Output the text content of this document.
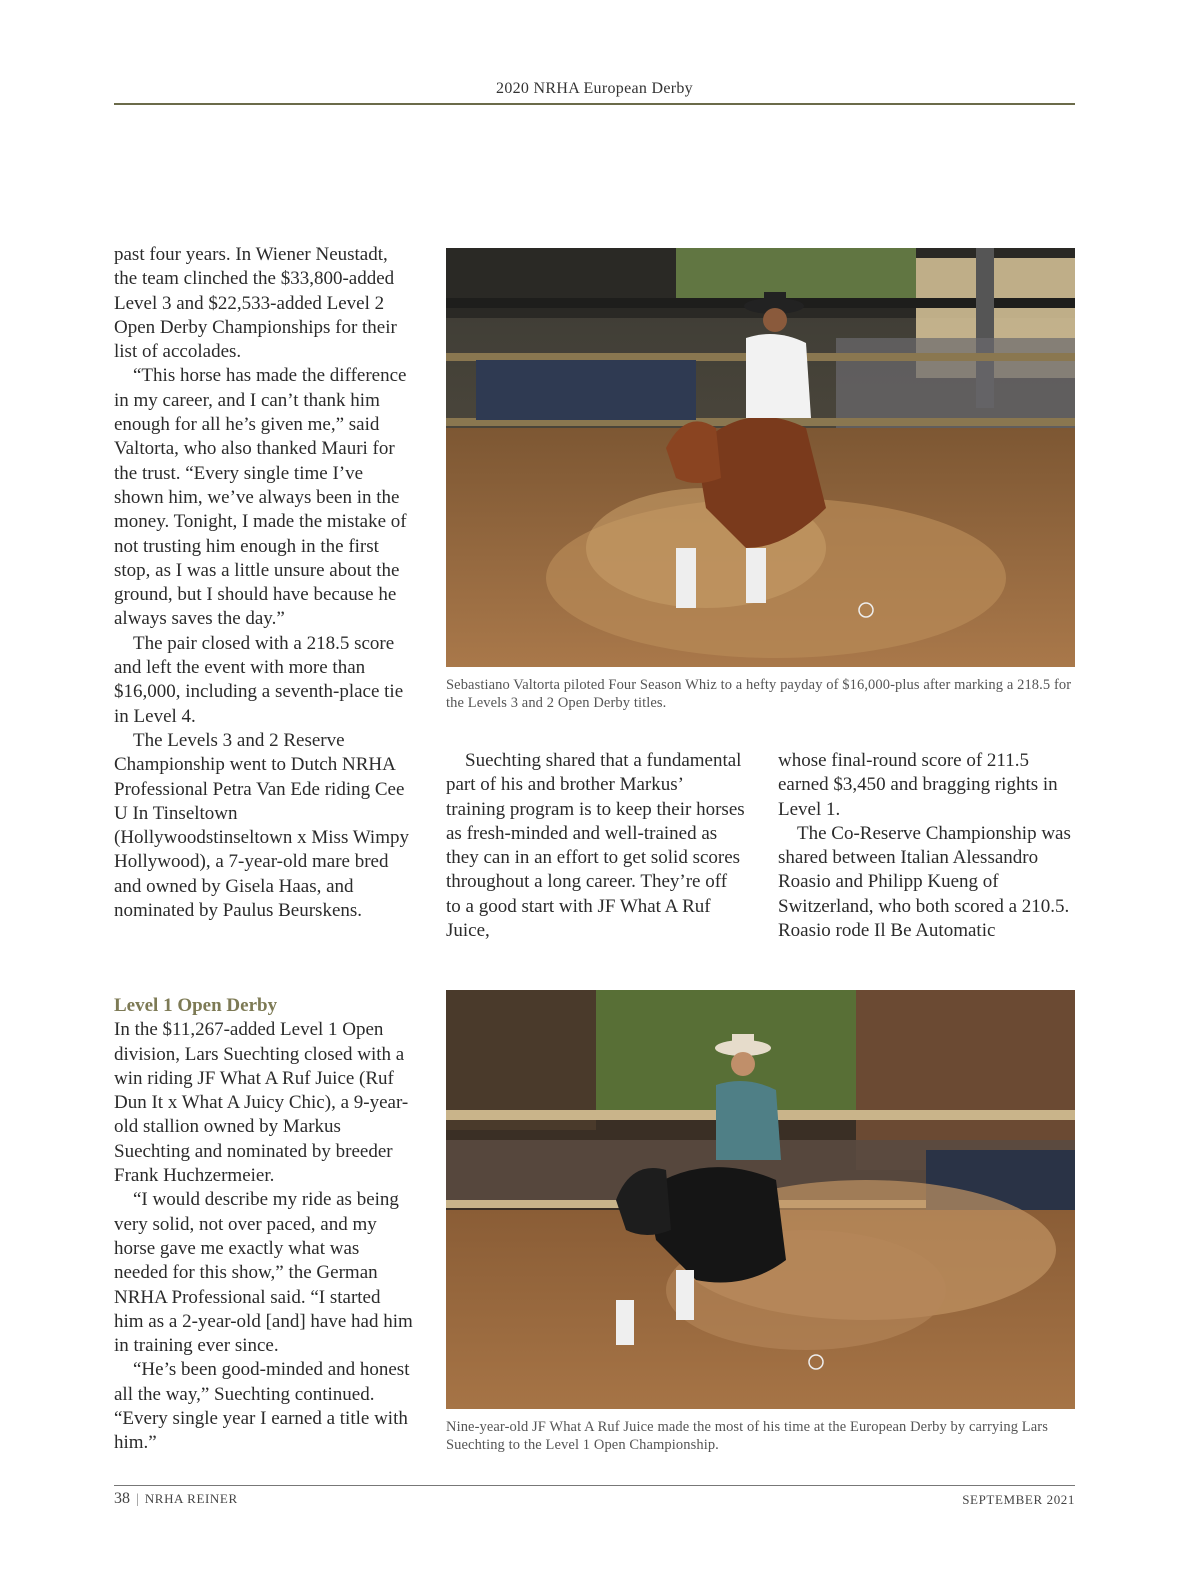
2020 NRHA European Derby

past four years. In Wiener Neustadt, the team clinched the $33,800-added Level 3 and $22,533-added Level 2 Open Derby Championships for their list of accolades.

“This horse has made the difference in my career, and I can’t thank him enough for all he’s given me,” said Valtorta, who also thanked Mauri for the trust. “Every single time I’ve shown him, we’ve always been in the money. Tonight, I made the mistake of not trusting him enough in the first stop, as I was a little unsure about the ground, but I should have because he always saves the day.”

The pair closed with a 218.5 score and left the event with more than $16,000, including a seventh-place tie in Level 4.

The Levels 3 and 2 Reserve Championship went to Dutch NRHA Professional Petra Van Ede riding Cee U In Tinseltown (Hollywoodstinseltown x Miss Wimpy Hollywood), a 7-year-old mare bred and owned by Gisela Haas, and nominated by Paulus Beurskens.

Level 1 Open Derby

In the $11,267-added Level 1 Open division, Lars Suechting closed with a win riding JF What A Ruf Juice (Ruf Dun It x What A Juicy Chic), a 9-year-old stallion owned by Markus Suechting and nominated by breeder Frank Huchzermeier.

“I would describe my ride as being very solid, not over paced, and my horse gave me exactly what was needed for this show,” the German NRHA Professional said. “I started him as a 2-year-old [and] have had him in training ever since.

“He’s been good-minded and honest all the way,” Suechting continued. “Every single year I earned a title with him.”

Sebastiano Valtorta piloted Four Season Whiz to a hefty payday of $16,000-plus after marking a 218.5 for the Levels 3 and 2 Open Derby titles.

Suechting shared that a fundamental part of his and brother Markus’ training program is to keep their horses as fresh-minded and well-trained as they can in an effort to get solid scores throughout a long career. They’re off to a good start with JF What A Ruf Juice,

whose final-round score of 211.5 earned $3,450 and bragging rights in Level 1.

The Co-Reserve Championship was shared between Italian Alessandro Roasio and Philipp Kueng of Switzerland, who both scored a 210.5. Roasio rode Il Be Automatic

Nine-year-old JF What A Ruf Juice made the most of his time at the European Derby by carrying Lars Suechting to the Level 1 Open Championship.
38 | NRHA REINER	SEPTEMBER 2021
